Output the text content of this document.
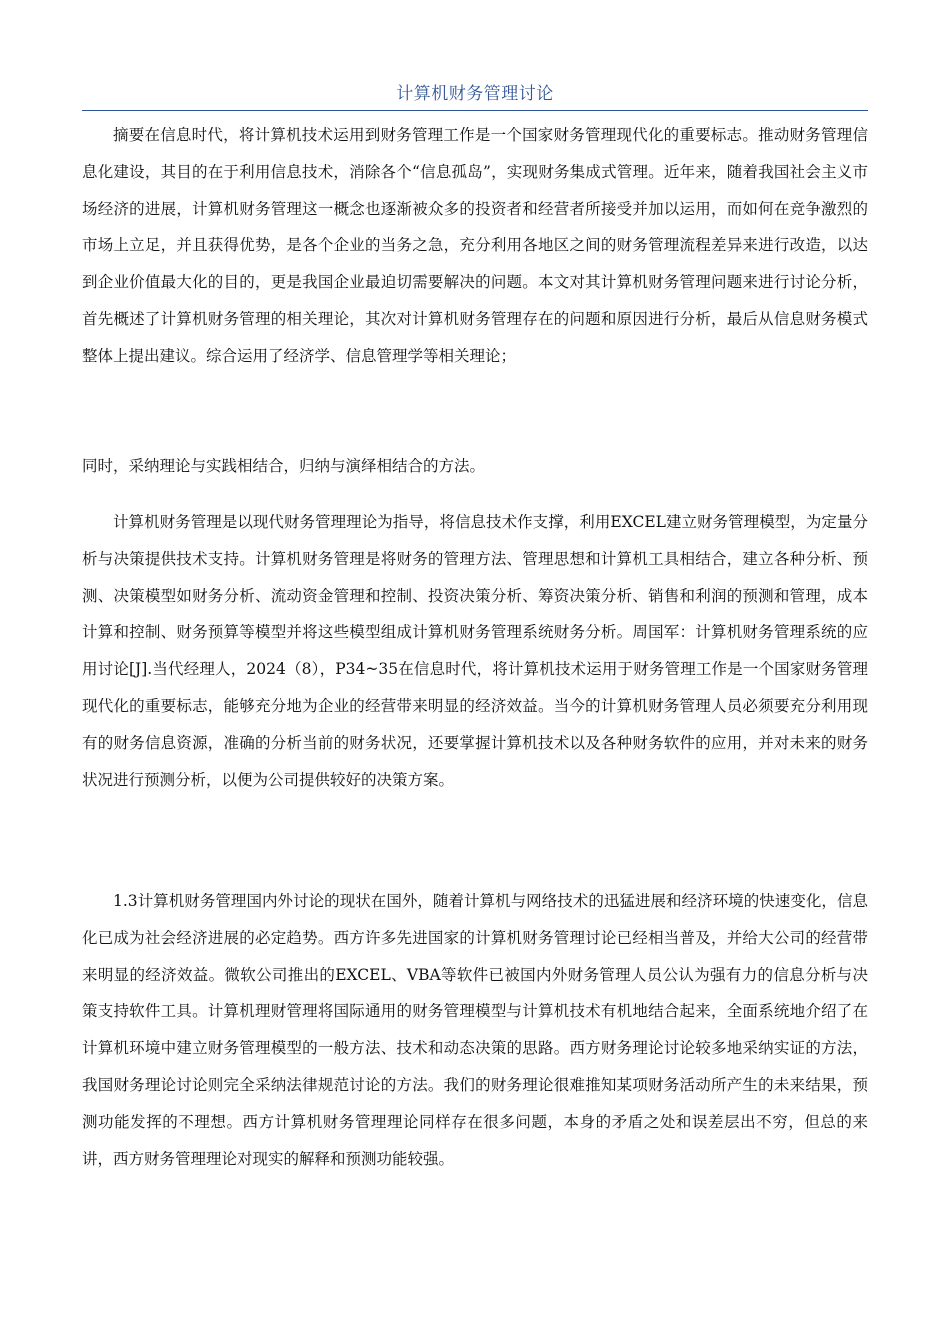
计算机财务管理讨论

摘要在信息时代，将计算机技术运用到财务管理工作是一个国家财务管理现代化的重要标志。推动财务管理信息化建设，其目的在于利用信息技术，消除各个“信息孤岛”，实现财务集成式管理。近年来，随着我国社会主义市场经济的进展，计算机财务管理这一概念也逐渐被众多的投资者和经营者所接受并加以运用，而如何在竞争激烈的市场上立足，并且获得优势，是各个企业的当务之急，充分利用各地区之间的财务管理流程差异来进行改造，以达到企业价值最大化的目的，更是我国企业最迫切需要解决的问题。本文对其计算机财务管理问题来进行讨论分析，首先概述了计算机财务管理的相关理论，其次对计算机财务管理存在的问题和原因进行分析，最后从信息财务模式整体上提出建议。综合运用了经济学、信息管理学等相关理论；

同时，采纳理论与实践相结合，归纳与演绎相结合的方法。

计算机财务管理是以现代财务管理理论为指导，将信息技术作支撑，利用EXCEL建立财务管理模型，为定量分析与决策提供技术支持。计算机财务管理是将财务的管理方法、管理思想和计算机工具相结合，建立各种分析、预测、决策模型如财务分析、流动资金管理和控制、投资决策分析、筹资决策分析、销售和利润的预测和管理，成本计算和控制、财务预算等模型并将这些模型组成计算机财务管理系统财务分析。周国军：计算机财务管理系统的应用讨论[J].当代经理人，2024（8），P34~35在信息时代，将计算机技术运用于财务管理工作是一个国家财务管理现代化的重要标志，能够充分地为企业的经营带来明显的经济效益。当今的计算机财务管理人员必须要充分利用现有的财务信息资源，准确的分析当前的财务状况，还要掌握计算机技术以及各种财务软件的应用，并对未来的财务状况进行预测分析，以便为公司提供较好的决策方案。

1.3计算机财务管理国内外讨论的现状在国外，随着计算机与网络技术的迅猛进展和经济环境的快速变化，信息化已成为社会经济进展的必定趋势。西方许多先进国家的计算机财务管理讨论已经相当普及，并给大公司的经营带来明显的经济效益。微软公司推出的EXCEL、VBA等软件已被国内外财务管理人员公认为强有力的信息分析与决策支持软件工具。计算机理财管理将国际通用的财务管理模型与计算机技术有机地结合起来，全面系统地介绍了在计算机环境中建立财务管理模型的一般方法、技术和动态决策的思路。西方财务理论讨论较多地采纳实证的方法，我国财务理论讨论则完全采纳法律规范讨论的方法。我们的财务理论很难推知某项财务活动所产生的未来结果，预测功能发挥的不理想。西方计算机财务管理理论同样存在很多问题，本身的矛盾之处和误差层出不穷，但总的来讲，西方财务管理理论对现实的解释和预测功能较强。
